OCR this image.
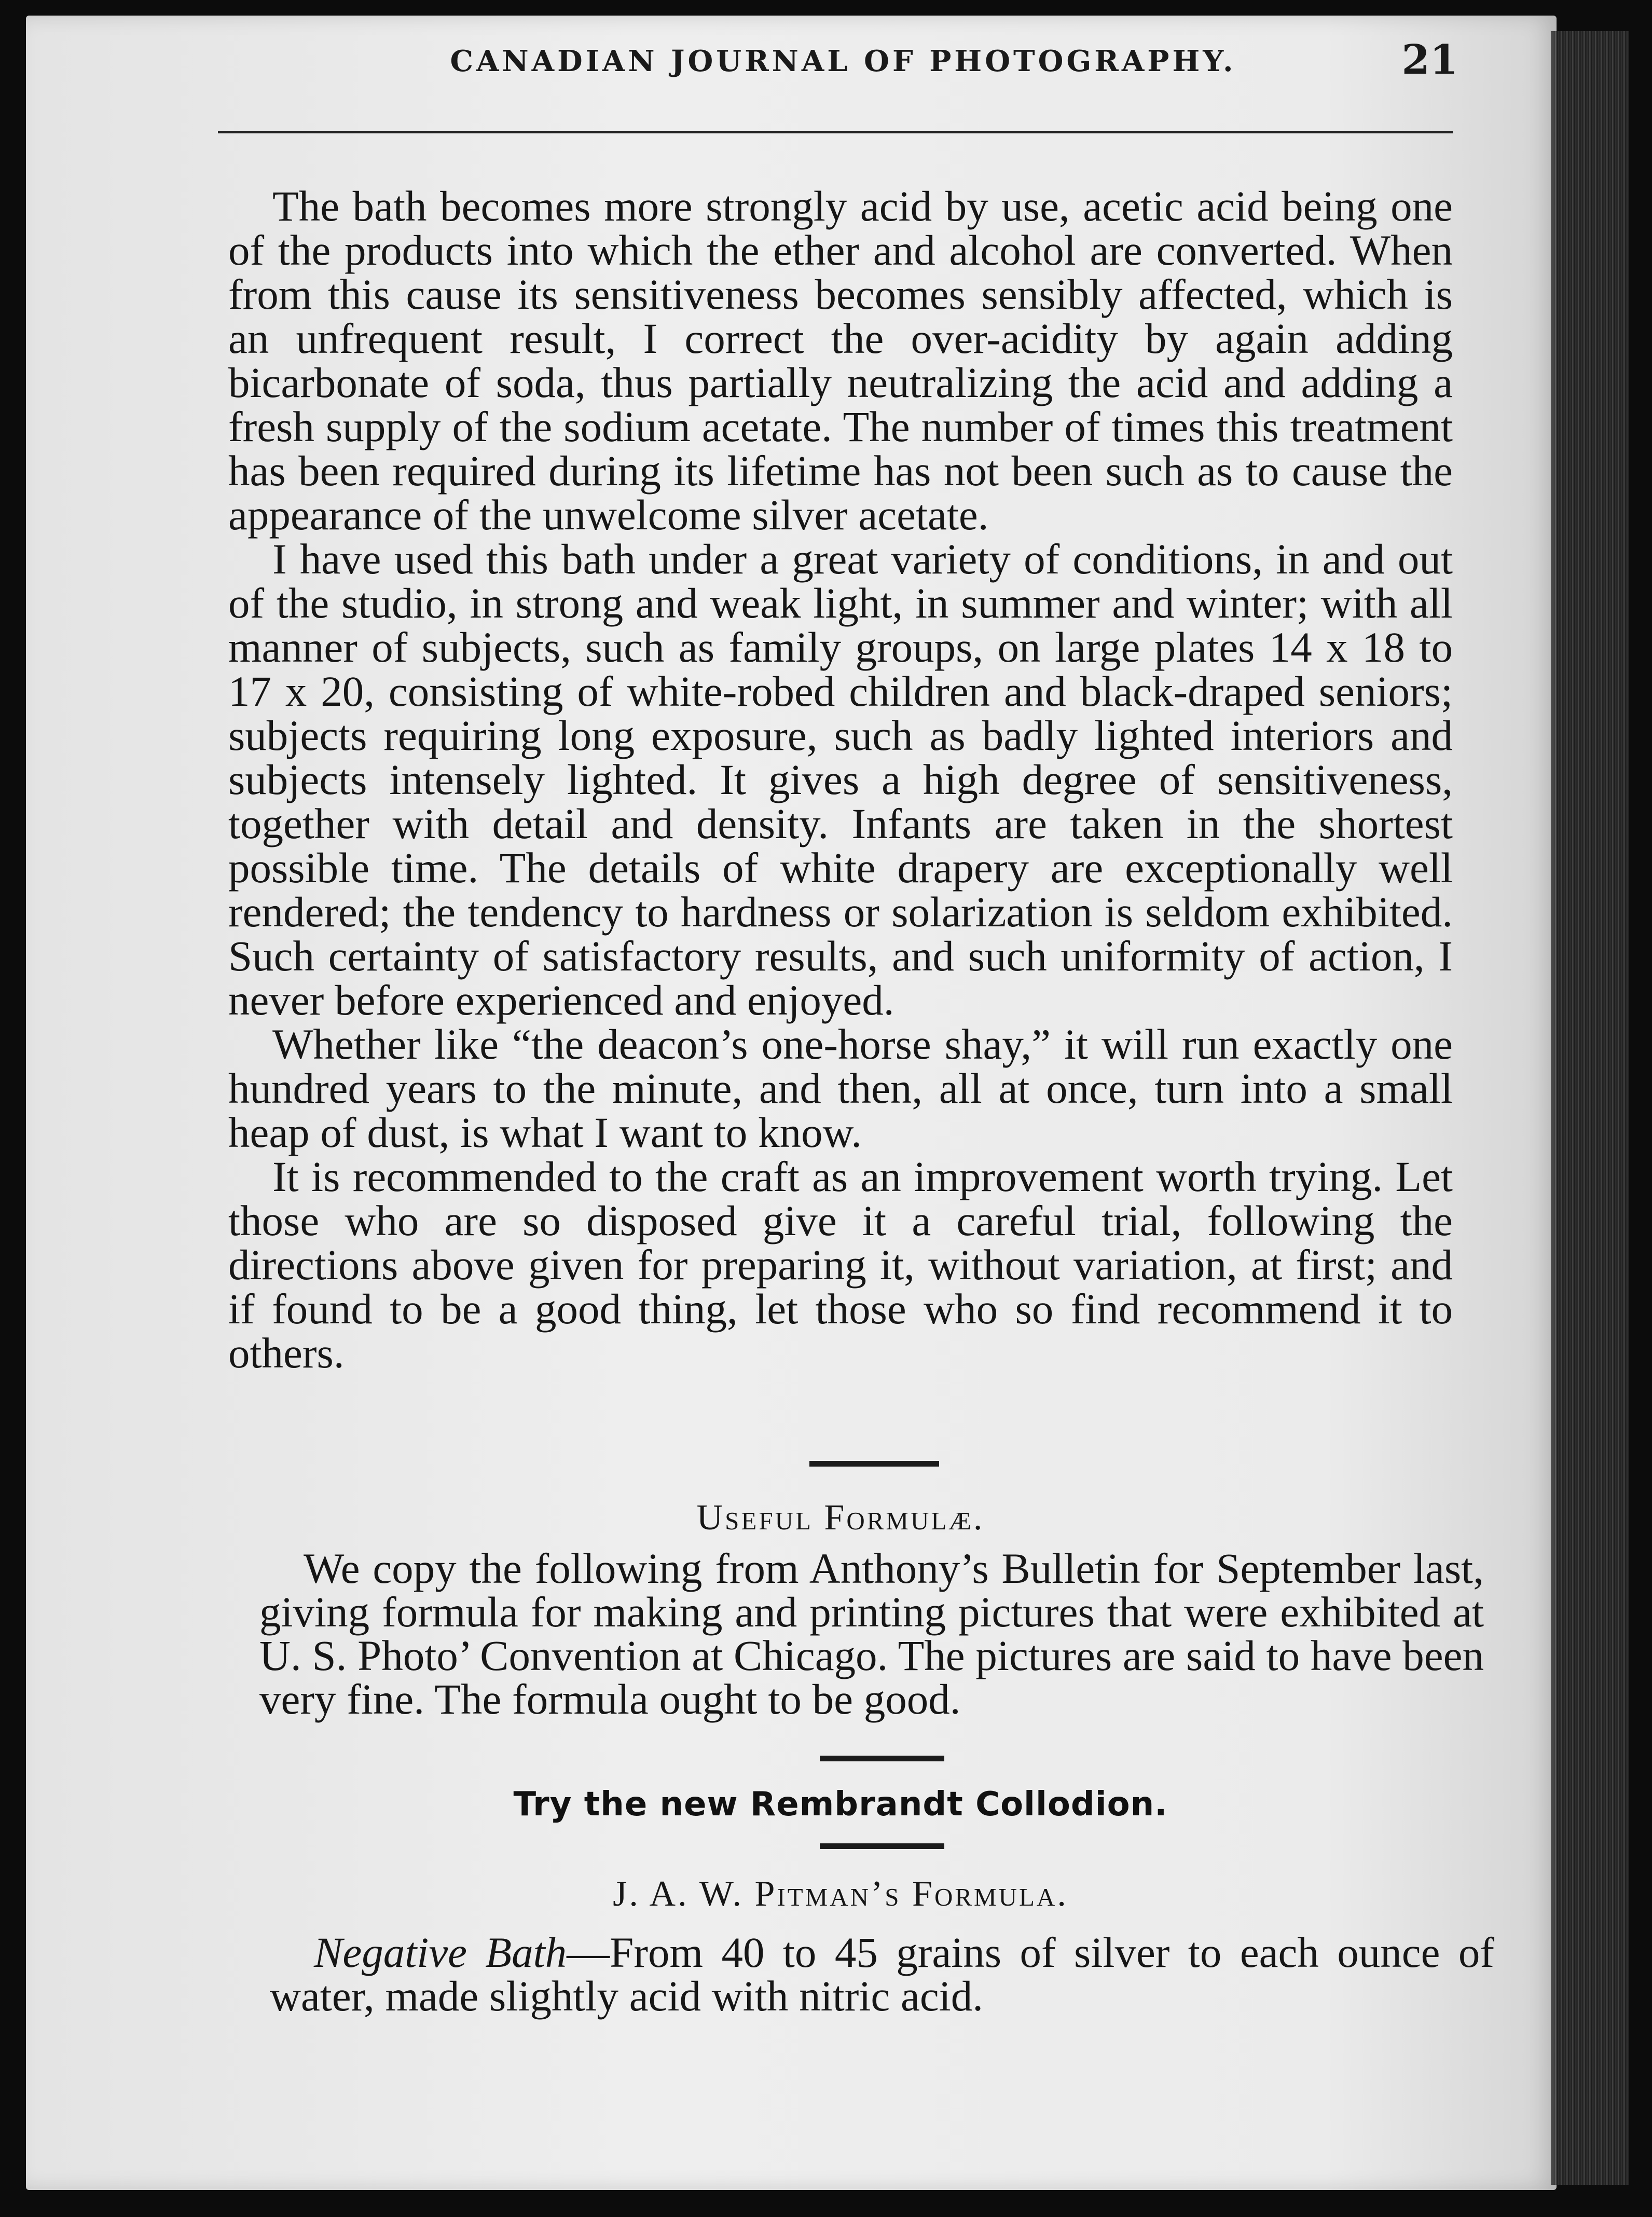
CANADIAN JOURNAL OF PHOTOGRAPHY.	21

The bath becomes more strongly acid by use, acetic acid being one of the products into which the ether and alcohol are converted. When from this cause its sensitiveness becomes sensibly affected, which is an unfrequent result, I correct the over-acidity by again adding bicarbonate of soda, thus partially neutralizing the acid and adding a fresh supply of the sodium acetate. The number of times this treatment has been required during its lifetime has not been such as to cause the appearance of the unwelcome silver acetate.

I have used this bath under a great variety of conditions, in and out of the studio, in strong and weak light, in summer and winter; with all manner of subjects, such as family groups, on large plates 14 x 18 to 17 x 20, consisting of white-robed children and black-draped seniors; subjects requiring long exposure, such as badly lighted interiors and subjects intensely lighted. It gives a high degree of sensitiveness, together with detail and density. Infants are taken in the shortest possible time. The details of white drapery are exceptionally well rendered; the tendency to hardness or solarization is seldom exhibited. Such certainty of satisfactory results, and such uniformity of action, I never before experienced and enjoyed.

Whether like “the deacon’s one-horse shay,” it will run exactly one hundred years to the minute, and then, all at once, turn into a small heap of dust, is what I want to know.

It is recommended to the craft as an improvement worth trying. Let those who are so disposed give it a careful trial, following the directions above given for preparing it, without variation, at first; and if found to be a good thing, let those who so find recommend it to others.

Useful Formulæ.

We copy the following from Anthony’s Bulletin for September last, giving formula for making and printing pictures that were exhibited at U. S. Photo’ Convention at Chicago. The pictures are said to have been very fine. The formula ought to be good.

Try the new Rembrandt Collodion.
J. A. W. Pitman’s Formula.

Negative Bath—From 40 to 45 grains of silver to each ounce of water, made slightly acid with nitric acid.
